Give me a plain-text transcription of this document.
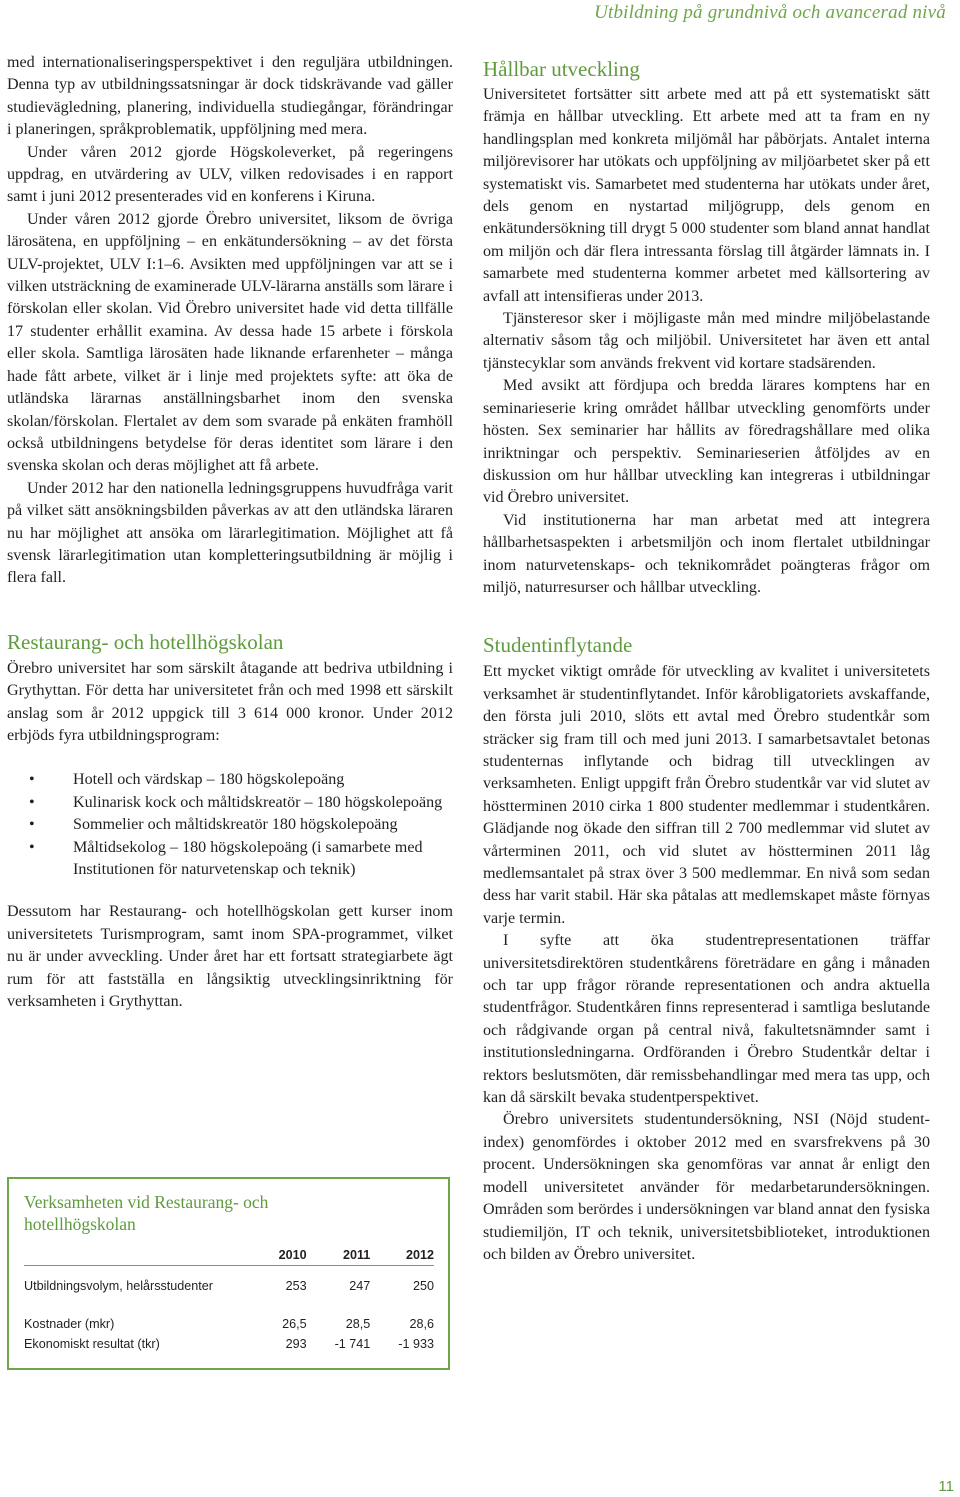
Utbildning på grundnivå och avancerad nivå

med internationaliseringsperspektivet i den reguljära utbildningen. Denna typ av utbildningssatsningar är dock tidskrävande vad gäller studievägledning, planering, individuella studiegångar, förändringar i planeringen, språkproblematik, uppföljning med mera.

Under våren 2012 gjorde Högskoleverket, på regeringens uppdrag, en utvärdering av ULV, vilken redovisades i en rapport samt i juni 2012 presenterades vid en konferens i Kiruna.

Under våren 2012 gjorde Örebro universitet, liksom de övriga lärosätena, en uppföljning – en enkätundersökning – av det första ULV-projektet, ULV I:1–6. Avsikten med uppföljningen var att se i vilken utsträckning de examinerade ULV-lärarna anställs som lärare i förskolan eller skolan. Vid Örebro universitet hade vid detta tillfälle 17 studenter erhållit examina. Av dessa hade 15 arbete i förskola eller skola. Samtliga lärosäten hade liknande erfarenheter – många hade fått arbete, vilket är i linje med projektets syfte: att öka de utländska lärarnas anställningsbarhet inom den svenska skolan/förskolan. Flertalet av dem som svarade på enkäten framhöll också utbildningens betydelse för deras identitet som lärare i den svenska skolan och deras möjlighet att få arbete.

Under 2012 har den nationella ledningsgruppens huvudfråga varit på vilket sätt ansökningsbilden påverkas av att den utländska läraren nu har möjlighet att ansöka om lärarlegitimation. Möjlighet att få svensk lärarlegitimation utan kompletteringsutbildning är möjlig i flera fall.

Restaurang- och hotellhögskolan

Örebro universitet har som särskilt åtagande att bedriva utbildning i Grythyttan. För detta har universitetet från och med 1998 ett särskilt anslag som år 2012 uppgick till 3 614 000 kronor. Under 2012 erbjöds fyra utbildningsprogram:

• Hotell och värdskap – 180 högskolepoäng
• Kulinarisk kock och måltidskreatör – 180 högskolepoäng
• Sommelier och måltidskreatör 180 högskolepoäng
• Måltidsekolog – 180 högskolepoäng (i samarbete med Institutionen för naturvetenskap och teknik)

Dessutom har Restaurang- och hotellhögskolan gett kurser inom universitetets Turismprogram, samt inom SPA-programmet, vilket nu är under avveckling. Under året har ett fortsatt strategiarbete ägt rum för att fastställa en långsiktig utvecklingsinriktning för verksamheten i Grythyttan.

Verksamheten vid Restaurang- och hotellhögskolan
	2010	2011	2012
Utbildningsvolym, helårsstudenter	253	247	250

Kostnader (mkr)	26,5	28,5	28,6
Ekonomiskt resultat (tkr)	293	-1 741	-1 933
Hållbar utveckling

Universitetet fortsätter sitt arbete med att på ett systematiskt sätt främja en hållbar utveckling. Ett arbete med att ta fram en ny handlingsplan med konkreta miljömål har påbörjats. Antalet interna miljörevisorer har utökats och uppföljning av miljöarbetet sker på ett systematiskt vis. Samarbetet med studenterna har utökats under året, dels genom en nystartad miljögrupp, dels genom en enkätundersökning till drygt 5 000 studenter som bland annat handlat om miljön och där flera intressanta förslag till åtgärder lämnats in. I samarbete med studenterna kommer arbetet med källsortering av avfall att intensifieras under 2013.

Tjänsteresor sker i möjligaste mån med mindre miljöbelastande alternativ såsom tåg och miljöbil. Universitetet har även ett antal tjänstecyklar som används frekvent vid kortare stadsärenden.

Med avsikt att fördjupa och bredda lärares komptens har en seminarieserie kring området hållbar utveckling genomförts under hösten. Sex seminarier har hållits av föredragshållare med olika inriktningar och perspektiv. Seminarieserien åtföljdes av en diskussion om hur hållbar utveckling kan integreras i utbildningar vid Örebro universitet.

Vid institutionerna har man arbetat med att integrera hållbarhetsaspekten i arbetsmiljön och inom flertalet utbildningar inom naturvetenskaps- och teknikområdet poängteras frågor om miljö, naturresurser och hållbar utveckling.

Studentinflytande

Ett mycket viktigt område för utveckling av kvalitet i universitetets verksamhet är studentinflytandet. Inför kårobligatoriets avskaffande, den första juli 2010, slöts ett avtal med Örebro studentkår som sträcker sig fram till och med juni 2013. I samarbetsavtalet betonas studenternas inflytande och bidrag till utvecklingen av verksamheten. Enligt uppgift från Örebro studentkår var vid slutet av höstterminen 2010 cirka 1 800 studenter medlemmar i studentkåren. Glädjande nog ökade den siffran till 2 700 medlemmar vid slutet av vårterminen 2011, och vid slutet av höstterminen 2011 låg medlemsantalet på strax över 3 500 medlemmar. En nivå som sedan dess har varit stabil. Här ska påtalas att medlemskapet måste förnyas varje termin.

I syfte att öka studentrepresentationen träffar universitetsdirektören studentkårens företrädare en gång i månaden och tar upp frågor rörande representationen och andra aktuella studentfrågor. Studentkåren finns representerad i samtliga beslutande och rådgivande organ på central nivå, fakultetsnämnder samt i institutionsledningarna. Ordföranden i Örebro Studentkår deltar i rektors beslutsmöten, där remissbehandlingar med mera tas upp, och kan då särskilt bevaka studentperspektivet.

Örebro universitets studentundersökning, NSI (Nöjd student-index) genomfördes i oktober 2012 med en svarsfrekvens på 30 procent. Undersökningen ska genomföras var annat år enligt den modell universitetet använder för medarbetarundersökningen. Områden som berördes i undersökningen var bland annat den fysiska studiemiljön, IT och teknik, universitetsbiblioteket, introduktionen och bilden av Örebro universitet.

11
